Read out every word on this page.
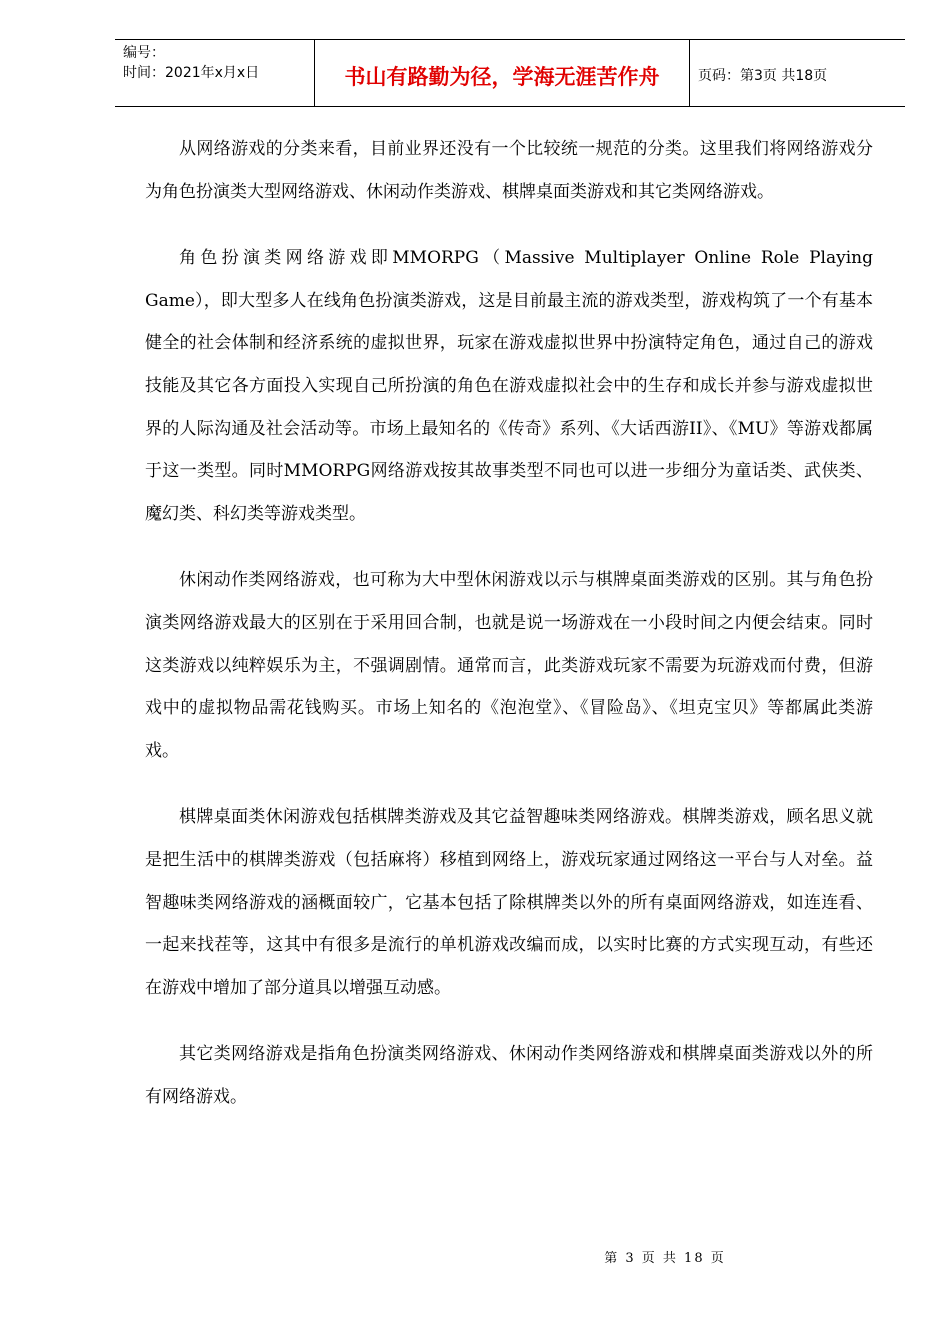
编号：
时间：2021年x月x日	书山有路勤为径，学海无涯苦作舟	页码：第3页 共18页

从网络游戏的分类来看，目前业界还没有一个比较统一规范的分类。这里我们将网络游戏分为角色扮演类大型网络游戏、休闲动作类游戏、棋牌桌面类游戏和其它类网络游戏。

角色扮演类网络游戏即MMORPG（Massive Multiplayer Online Role Playing Game），即大型多人在线角色扮演类游戏，这是目前最主流的游戏类型，游戏构筑了一个有基本健全的社会体制和经济系统的虚拟世界，玩家在游戏虚拟世界中扮演特定角色，通过自己的游戏技能及其它各方面投入实现自己所扮演的角色在游戏虚拟社会中的生存和成长并参与游戏虚拟世界的人际沟通及社会活动等。市场上最知名的《传奇》系列、《大话西游II》、《MU》等游戏都属于这一类型。同时MMORPG网络游戏按其故事类型不同也可以进一步细分为童话类、武侠类、魔幻类、科幻类等游戏类型。

休闲动作类网络游戏，也可称为大中型休闲游戏以示与棋牌桌面类游戏的区别。其与角色扮演类网络游戏最大的区别在于采用回合制，也就是说一场游戏在一小段时间之内便会结束。同时这类游戏以纯粹娱乐为主，不强调剧情。通常而言，此类游戏玩家不需要为玩游戏而付费，但游戏中的虚拟物品需花钱购买。市场上知名的《泡泡堂》、《冒险岛》、《坦克宝贝》等都属此类游戏。

棋牌桌面类休闲游戏包括棋牌类游戏及其它益智趣味类网络游戏。棋牌类游戏，顾名思义就是把生活中的棋牌类游戏（包括麻将）移植到网络上，游戏玩家通过网络这一平台与人对垒。益智趣味类网络游戏的涵概面较广，它基本包括了除棋牌类以外的所有桌面网络游戏，如连连看、一起来找茬等，这其中有很多是流行的单机游戏改编而成，以实时比赛的方式实现互动，有些还在游戏中增加了部分道具以增强互动感。

其它类网络游戏是指角色扮演类网络游戏、休闲动作类网络游戏和棋牌桌面类游戏以外的所有网络游戏。

第 3 页 共 18 页
